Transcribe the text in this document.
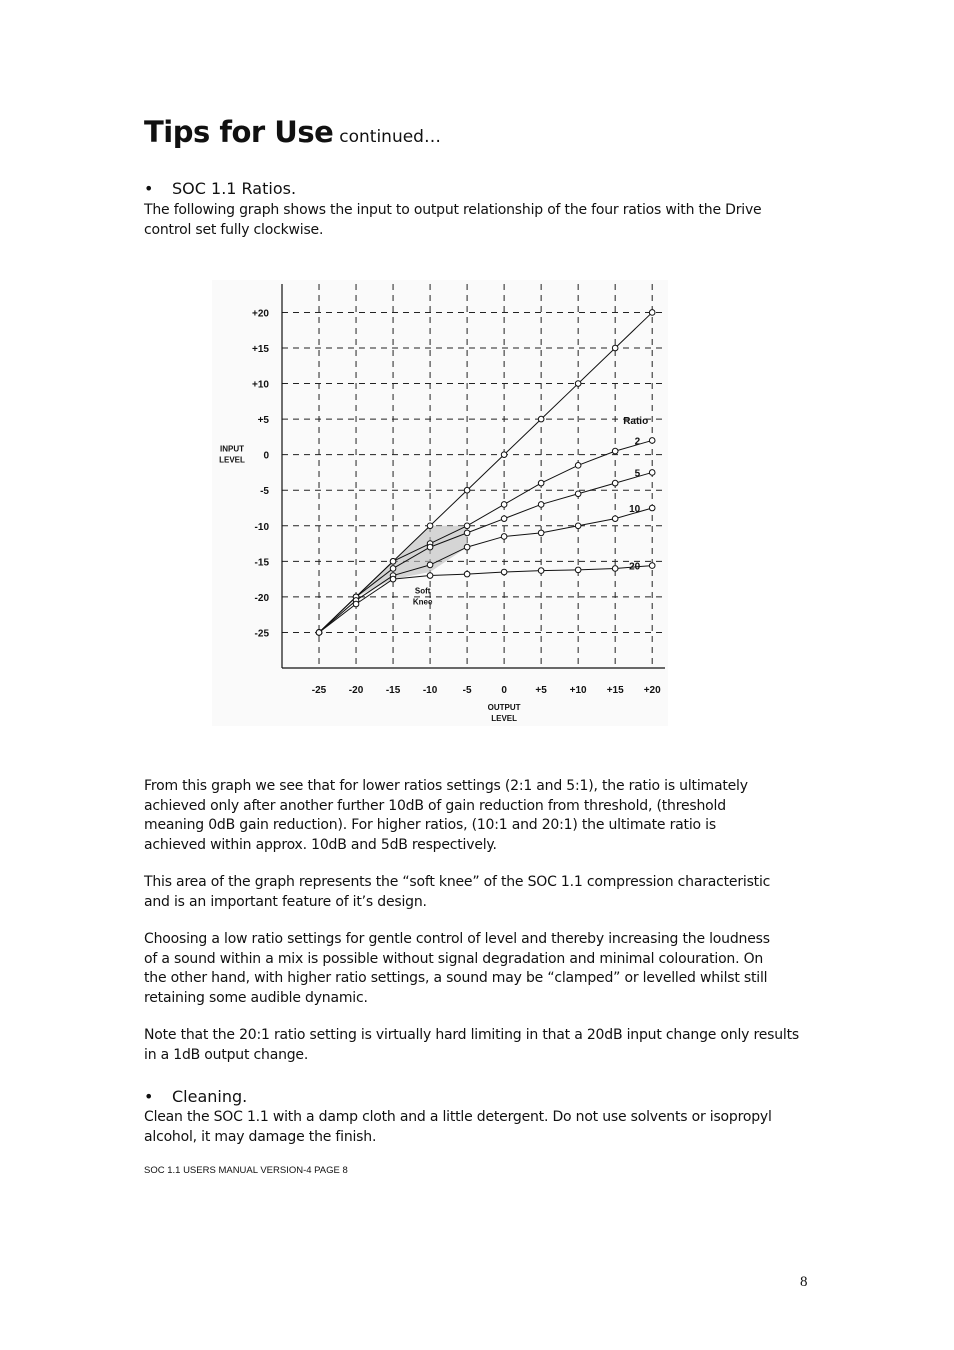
Tips for Use continued…
• SOC 1.1 Ratios.
The following graph shows the input to output relationship of the four ratios with the Drive
control set fully clockwise.
-25 -20 -15 -10	-5	0	+5 +10 +15 +20
+20
+15
+10
+5
0
-5
-10
-15
-20
-25
OUTPUT
LEVEL
INPUT
LEVEL
2
5
10
20
Ratio
Soft
Knee
From this graph we see that for lower ratios settings (2:1 and 5:1), the ratio is ultimately
achieved only after another further 10dB of gain reduction from threshold, (threshold
meaning 0dB gain reduction). For higher ratios, (10:1 and 20:1) the ultimate ratio is
achieved within approx. 10dB and 5dB respectively.
This area of the graph represents the “soft knee” of the SOC 1.1 compression characteristic
and is an important feature of it’s design.
Choosing a low ratio settings for gentle control of level and thereby increasing the loudness
of a sound within a mix is possible without signal degradation and minimal colouration. On
the other hand, with higher ratio settings, a sound may be “clamped” or levelled whilst still
retaining some audible dynamic.
Note that the 20:1 ratio setting is virtually hard limiting in that a 20dB input change only results
in a 1dB output change.
• Cleaning.
Clean the SOC 1.1 with a damp cloth and a little detergent. Do not use solvents or isopropyl
alcohol, it may damage the finish.
SOC 1.1 USERS MANUAL VERSION-4 PAGE 8
8
